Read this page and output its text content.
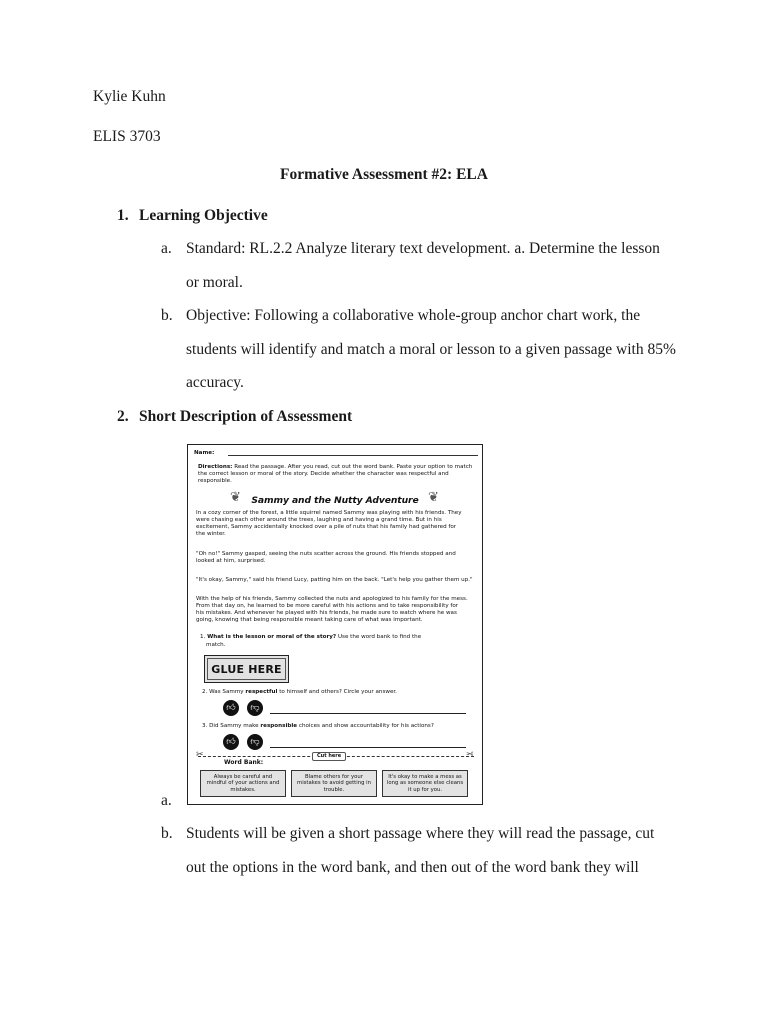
Kylie Kuhn
ELIS 3703
Formative Assessment #2: ELA
1. Learning Objective
a. Standard: RL.2.2 Analyze literary text development. a. Determine the lesson
or moral.
b. Objective: Following a collaborative whole-group anchor chart work, the
students will identify and match a moral or lesson to a given passage with 85%
accuracy.
2. Short Description of Assessment
a.
Name:
Directions: Read the passage. After you read, cut out the word bank. Paste your option to match
the correct lesson or moral of the story. Decide whether the character was respectful and
responsible.
❦	Sammy and the Nutty Adventure ❦
In a cozy corner of the forest, a little squirrel named Sammy was playing with his friends. They
were chasing each other around the trees, laughing and having a grand time. But in his
excitement, Sammy accidentally knocked over a pile of nuts that his family had gathered for
the winter.
"Oh no!" Sammy gasped, seeing the nuts scatter across the ground. His friends stopped and
looked at him, surprised.
"It's okay, Sammy," said his friend Lucy, patting him on the back. "Let's help you gather them up."
With the help of his friends, Sammy collected the nuts and apologized to his family for the mess.
From that day on, he learned to be more careful with his actions and to take responsibility for
his mistakes. And whenever he played with his friends, he made sure to watch where he was
going, knowing that being responsible meant taking care of what was important.
1. What is the lesson or moral of the story? Use the word bank to find the
match.
GLUE HERE
2. Was Sammy respectful to himself and others? Circle your answer.
👍︎	👎︎
3. Did Sammy make responsible choices and show accountability for his actions?
👍︎	👎︎
✂	Cut here	✂
Word Bank:
Always be careful and mindful of your actions and mistakes.
Blame others for your mistakes to avoid getting in trouble.
It's okay to make a mess as long as someone else cleans it up for you.
b. Students will be given a short passage where they will read the passage, cut
out the options in the word bank, and then out of the word bank they will
